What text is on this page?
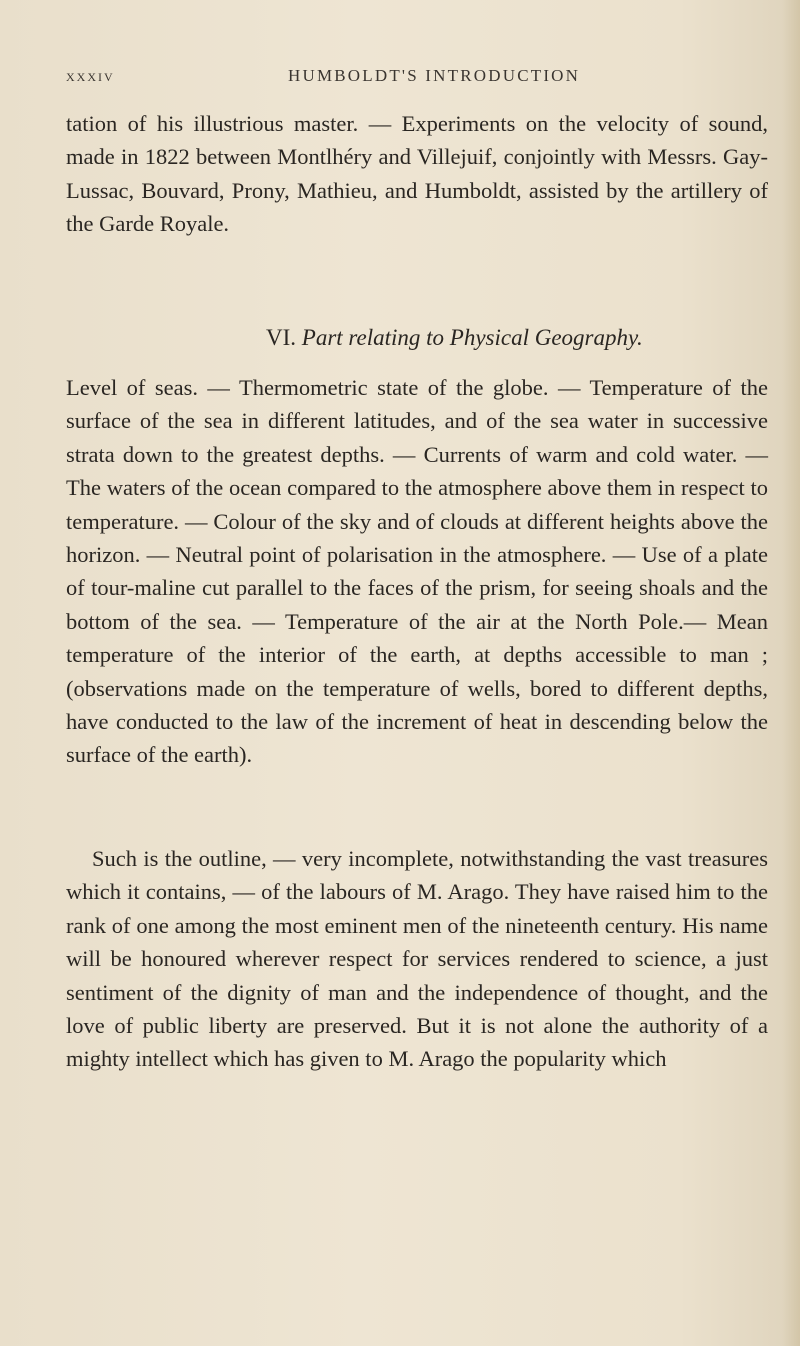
xxxiv	HUMBOLDT'S INTRODUCTION

tation of his illustrious master. — Experiments on the velocity of sound, made in 1822 between Montlhéry and Villejuif, conjointly with Messrs. Gay-Lussac, Bouvard, Prony, Mathieu, and Humboldt, assisted by the artillery of the Garde Royale.

VI. Part relating to Physical Geography.

Level of seas. — Thermometric state of the globe. — Temperature of the surface of the sea in different latitudes, and of the sea water in successive strata down to the greatest depths. — Currents of warm and cold water. — The waters of the ocean compared to the atmosphere above them in respect to temperature. — Colour of the sky and of clouds at different heights above the horizon. — Neutral point of polarisation in the atmosphere. — Use of a plate of tour-maline cut parallel to the faces of the prism, for seeing shoals and the bottom of the sea. — Temperature of the air at the North Pole.— Mean temperature of the interior of the earth, at depths accessible to man ; (observations made on the temperature of wells, bored to different depths, have conducted to the law of the increment of heat in descending below the surface of the earth).

Such is the outline, — very incomplete, notwithstanding the vast treasures which it contains, — of the labours of M. Arago. They have raised him to the rank of one among the most eminent men of the nineteenth century. His name will be honoured wherever respect for services rendered to science, a just sentiment of the dignity of man and the independence of thought, and the love of public liberty are preserved. But it is not alone the authority of a mighty intellect which has given to M. Arago the popularity which
